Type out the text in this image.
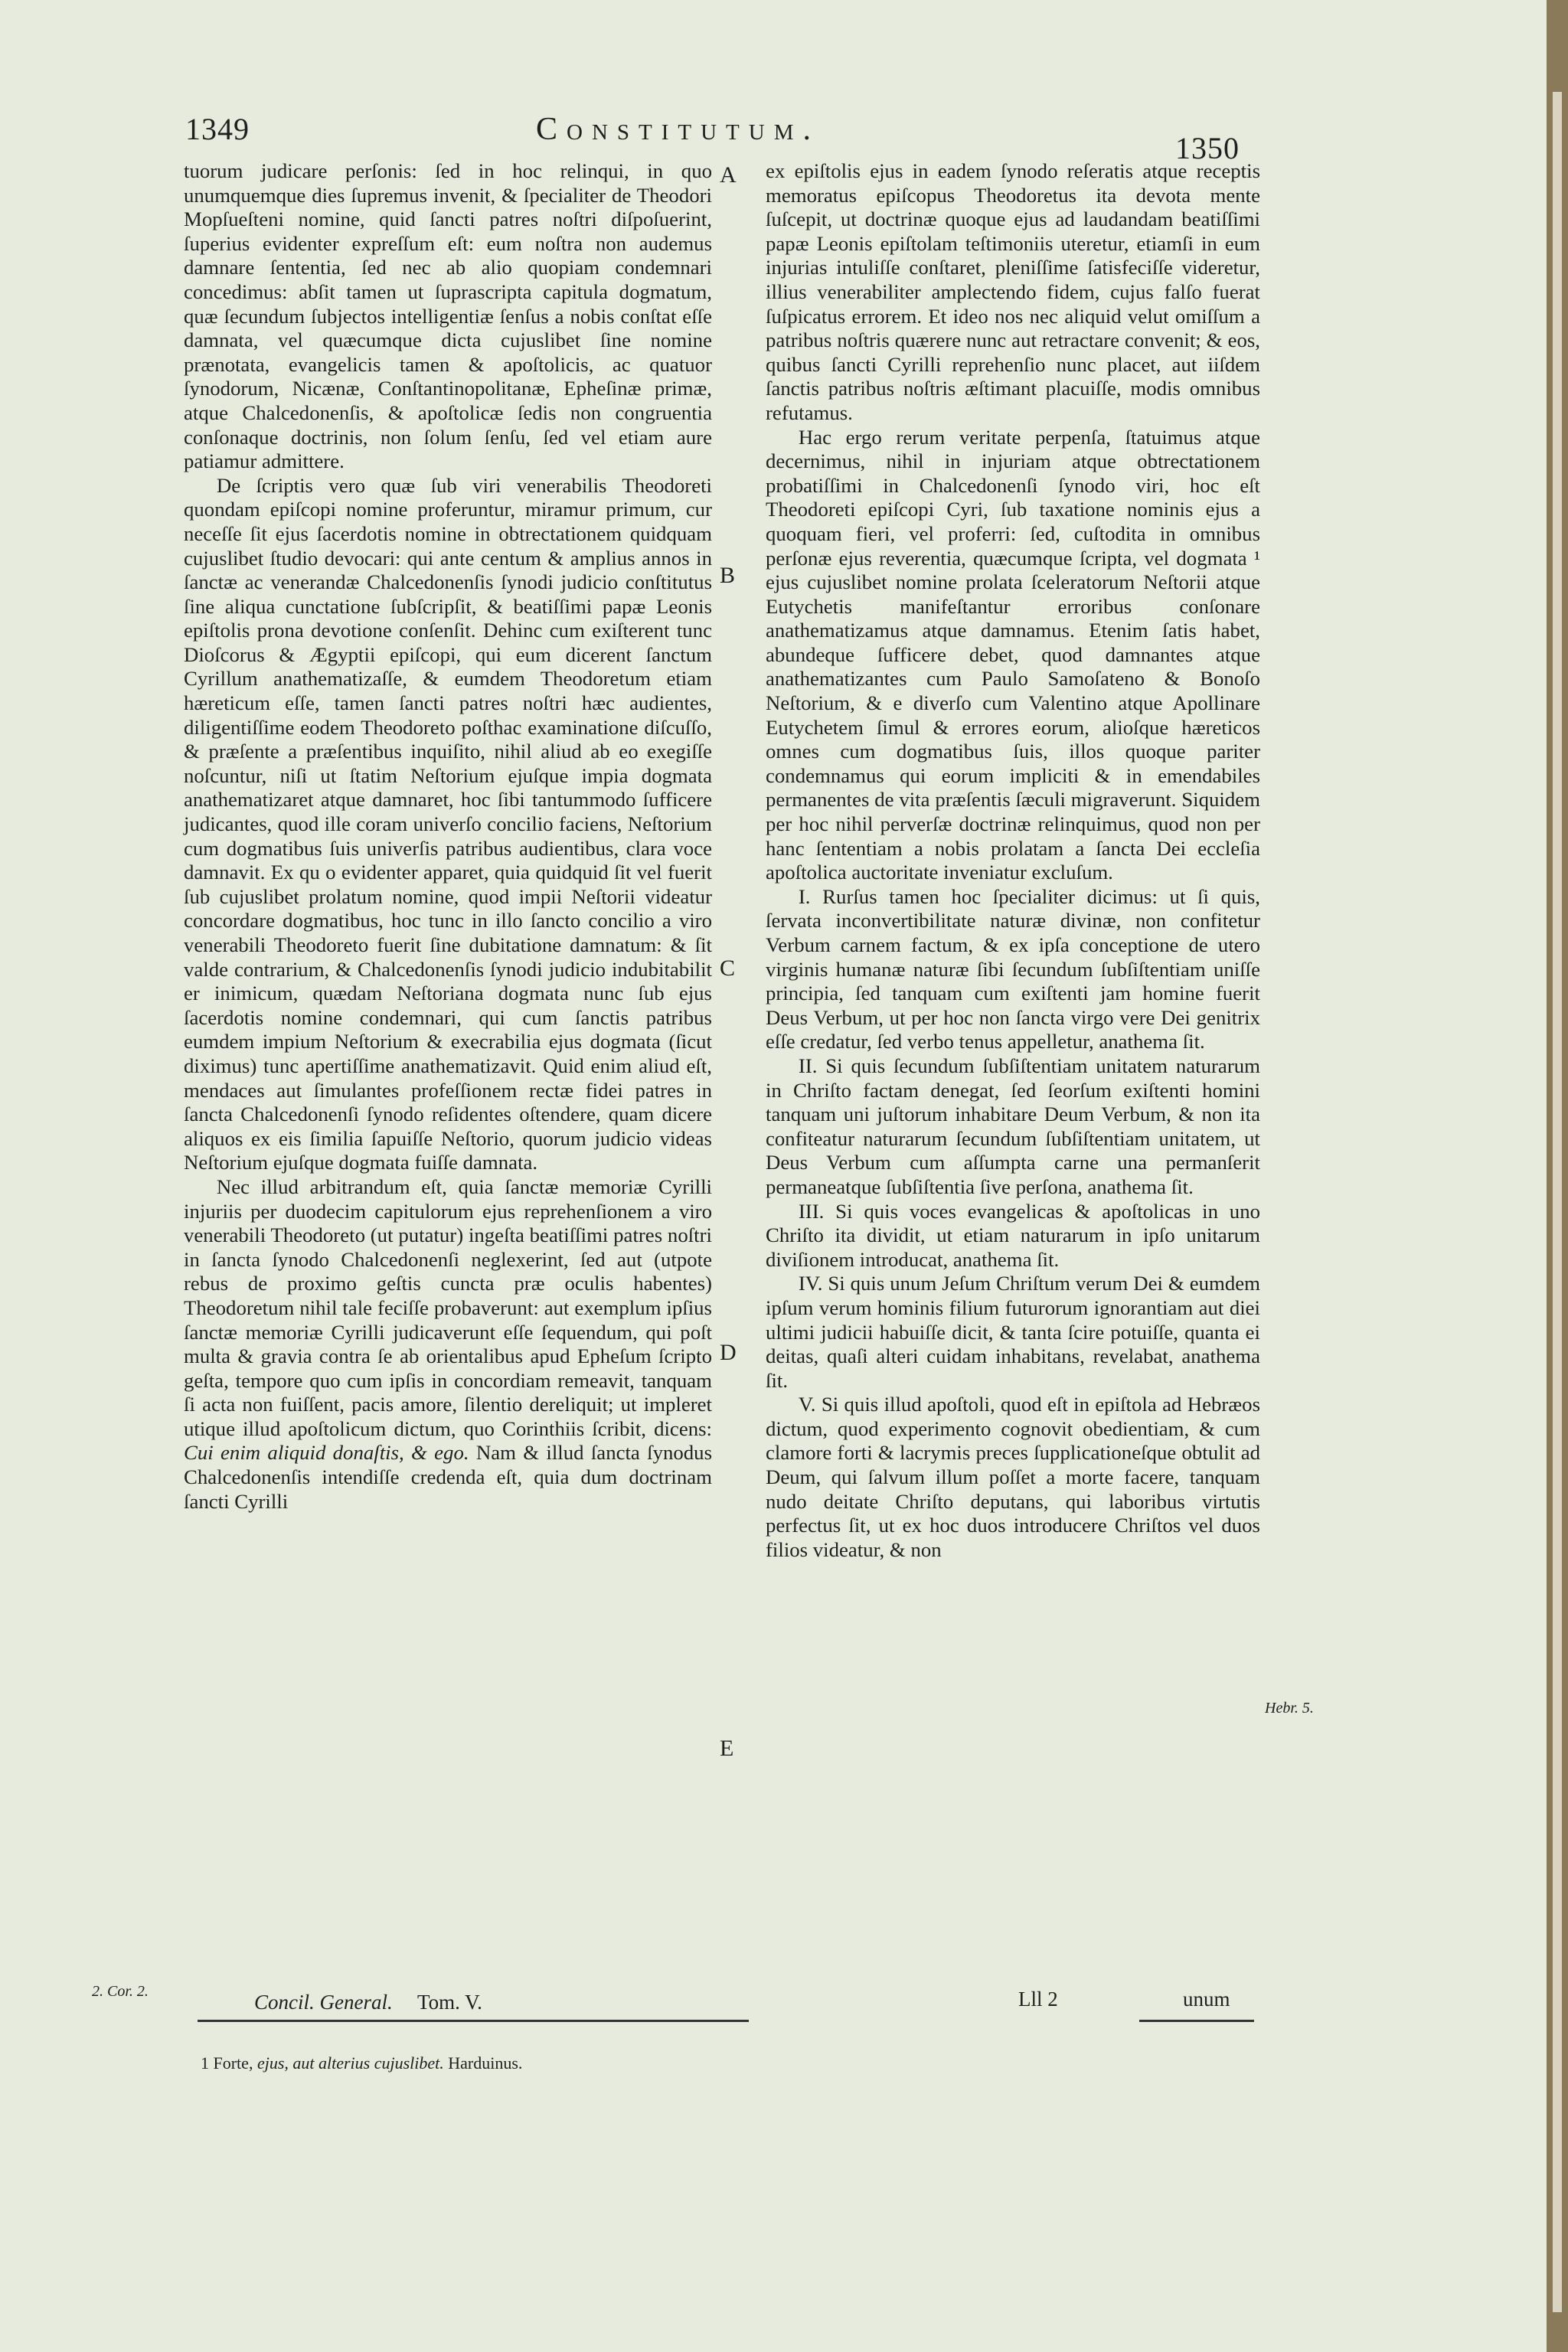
1349	Constitutum.
1350

tuorum judicare perſonis: ſed in hoc relinqui, in quo unumquemque dies ſupremus invenit, & ſpecialiter de Theodori Mopſueſteni nomine, quid ſancti patres noſtri diſpoſuerint, ſuperius evidenter expreſſum eſt: eum noſtra non audemus damnare ſententia, ſed nec ab alio quopiam condemnari concedimus: abſit tamen ut ſuprascripta capitula dogmatum, quæ ſecundum ſubjectos intelligentiæ ſenſus a nobis conſtat eſſe damnata, vel quæcumque dicta cujuslibet ſine nomine prænotata, evangelicis tamen & apoſtolicis, ac quatuor ſynodorum, Nicænæ, Conſtantinopolitanæ, Epheſinæ primæ, atque Chalcedonenſis, & apoſtolicæ ſedis non congruentia conſonaque doctrinis, non ſolum ſenſu, ſed vel etiam aure patiamur admittere.

De ſcriptis vero quæ ſub viri venerabilis Theodoreti quondam epiſcopi nomine proferuntur, miramur primum, cur neceſſe ſit ejus ſacerdotis nomine in obtrectationem quidquam cujuslibet ſtudio devocari: qui ante centum & amplius annos in ſanctæ ac venerandæ Chalcedonenſis ſynodi judicio conſtitutus ſine aliqua cunctatione ſubſcripſit, & beatiſſimi papæ Leonis epiſtolis prona devotione conſenſit. Dehinc cum exiſterent tunc Dioſcorus & Ægyptii epiſcopi, qui eum dicerent ſanctum Cyrillum anathematizaſſe, & eumdem Theodoretum etiam hæreticum eſſe, tamen ſancti patres noſtri hæc audientes, diligentiſſime eodem Theodoreto poſthac examinatione diſcuſſo, & præſente a præſentibus inquiſito, nihil aliud ab eo exegiſſe noſcuntur, niſi ut ſtatim Neſtorium ejuſque impia dogmata anathematizaret atque damnaret, hoc ſibi tantummodo ſufficere judicantes, quod ille coram univerſo concilio faciens, Neſtorium cum dogmatibus ſuis univerſis patribus audientibus, clara voce damnavit. Ex qu o evidenter apparet, quia quidquid ſit vel fuerit ſub cujuslibet prolatum nomine, quod impii Neſtorii videatur concordare dogmatibus, hoc tunc in illo ſancto concilio a viro venerabili Theodoreto fuerit ſine dubitatione damnatum: & ſit valde contrarium, & Chalcedonenſis ſynodi judicio indubitabilit er inimicum, quædam Neſtoriana dogmata nunc ſub ejus ſacerdotis nomine condemnari, qui cum ſanctis patribus eumdem impium Neſtorium & execrabilia ejus dogmata (ſicut diximus) tunc apertiſſime anathematizavit. Quid enim aliud eſt, mendaces aut ſimulantes profeſſionem rectæ fidei patres in ſancta Chalcedonenſi ſynodo reſidentes oſtendere, quam dicere aliquos ex eis ſimilia ſapuiſſe Neſtorio, quorum judicio videas Neſtorium ejuſque dogmata fuiſſe damnata.

Nec illud arbitrandum eſt, quia ſanctæ memoriæ Cyrilli injuriis per duodecim capitulorum ejus reprehenſionem a viro venerabili Theodoreto (ut putatur) ingeſta beatiſſimi patres noſtri in ſancta ſynodo Chalcedonenſi neglexerint, ſed aut (utpote rebus de proximo geſtis cuncta præ oculis habentes) Theodoretum nihil tale feciſſe probaverunt: aut exemplum ipſius ſanctæ memoriæ Cyrilli judicaverunt eſſe ſequendum, qui poſt multa & gravia contra ſe ab orientalibus apud Epheſum ſcripto geſta, tempore quo cum ipſis in concordiam remeavit, tanquam ſi acta non fuiſſent, pacis amore, ſilentio dereliquit; ut impleret utique illud apoſtolicum dictum, quo Corinthiis ſcribit, dicens: Cui enim aliquid donaſtis, & ego. Nam & illud ſancta ſynodus Chalcedonenſis intendiſſe credenda eſt, quia dum doctrinam ſancti Cyrilli

ex epiſtolis ejus in eadem ſynodo reſeratis atque receptis memoratus epiſcopus Theodoretus ita devota mente ſuſcepit, ut doctrinæ quoque ejus ad laudandam beatiſſimi papæ Leonis epiſtolam teſtimoniis uteretur, etiamſi in eum injurias intuliſſe conſtaret, pleniſſime ſatisfeciſſe videretur, illius venerabiliter amplectendo fidem, cujus falſo fuerat ſuſpicatus errorem. Et ideo nos nec aliquid velut omiſſum a patribus noſtris quærere nunc aut retractare convenit; & eos, quibus ſancti Cyrilli reprehenſio nunc placet, aut iiſdem ſanctis patribus noſtris æſtimant placuiſſe, modis omnibus refutamus.

Hac ergo rerum veritate perpenſa, ſtatuimus atque decernimus, nihil in injuriam atque obtrectationem probatiſſimi in Chalcedonenſi ſynodo viri, hoc eſt Theodoreti epiſcopi Cyri, ſub taxatione nominis ejus a quoquam fieri, vel proferri: ſed, cuſtodita in omnibus perſonæ ejus reverentia, quæcumque ſcripta, vel dogmata ¹ ejus cujuslibet nomine prolata ſceleratorum Neſtorii atque Eutychetis manifeſtantur erroribus conſonare anathematizamus atque damnamus. Etenim ſatis habet, abundeque ſufficere debet, quod damnantes atque anathematizantes cum Paulo Samoſateno & Bonoſo Neſtorium, & e diverſo cum Valentino atque Apollinare Eutychetem ſimul & errores eorum, alioſque hæreticos omnes cum dogmatibus ſuis, illos quoque pariter condemnamus qui eorum impliciti & in emendabiles permanentes de vita præſentis ſæculi migraverunt. Siquidem per hoc nihil perverſæ doctrinæ relinquimus, quod non per hanc ſententiam a nobis prolatam a ſancta Dei eccleſia apoſtolica auctoritate inveniatur excluſum.

I. Rurſus tamen hoc ſpecialiter dicimus: ut ſi quis, ſervata inconvertibilitate naturæ divinæ, non confitetur Verbum carnem factum, & ex ipſa conceptione de utero virginis humanæ naturæ ſibi ſecundum ſubſiſtentiam uniſſe principia, ſed tanquam cum exiſtenti jam homine fuerit Deus Verbum, ut per hoc non ſancta virgo vere Dei genitrix eſſe credatur, ſed verbo tenus appelletur, anathema ſit.

II. Si quis ſecundum ſubſiſtentiam unitatem naturarum in Chriſto factam denegat, ſed ſeorſum exiſtenti homini tanquam uni juſtorum inhabitare Deum Verbum, & non ita confiteatur naturarum ſecundum ſubſiſtentiam unitatem, ut Deus Verbum cum aſſumpta carne una permanſerit permaneatque ſubſiſtentia ſive perſona, anathema ſit.

III. Si quis voces evangelicas & apoſtolicas in uno Chriſto ita dividit, ut etiam naturarum in ipſo unitarum diviſionem introducat, anathema ſit.

IV. Si quis unum Jeſum Chriſtum verum Dei & eumdem ipſum verum hominis filium futurorum ignorantiam aut diei ultimi judicii habuiſſe dicit, & tanta ſcire potuiſſe, quanta ei deitas, quaſi alteri cuidam inhabitans, revelabat, anathema ſit.

V. Si quis illud apoſtoli, quod eſt in epiſtola ad Hebræos dictum, quod experimento cognovit obedientiam, & cum clamore forti & lacrymis preces ſupplicationeſque obtulit ad Deum, qui ſalvum illum poſſet a morte facere, tanquam nudo deitate Chriſto deputans, qui laboribus virtutis perfectus ſit, ut ex hoc duos introducere Chriſtos vel duos filios videatur, & non

A
B
C
D
E
2. Cor. 2.
Hebr. 5.
Concil. General. Tom. V.	Lll 2	unum
1 Forte, ejus, aut alterius cujuslibet. Harduinus.
